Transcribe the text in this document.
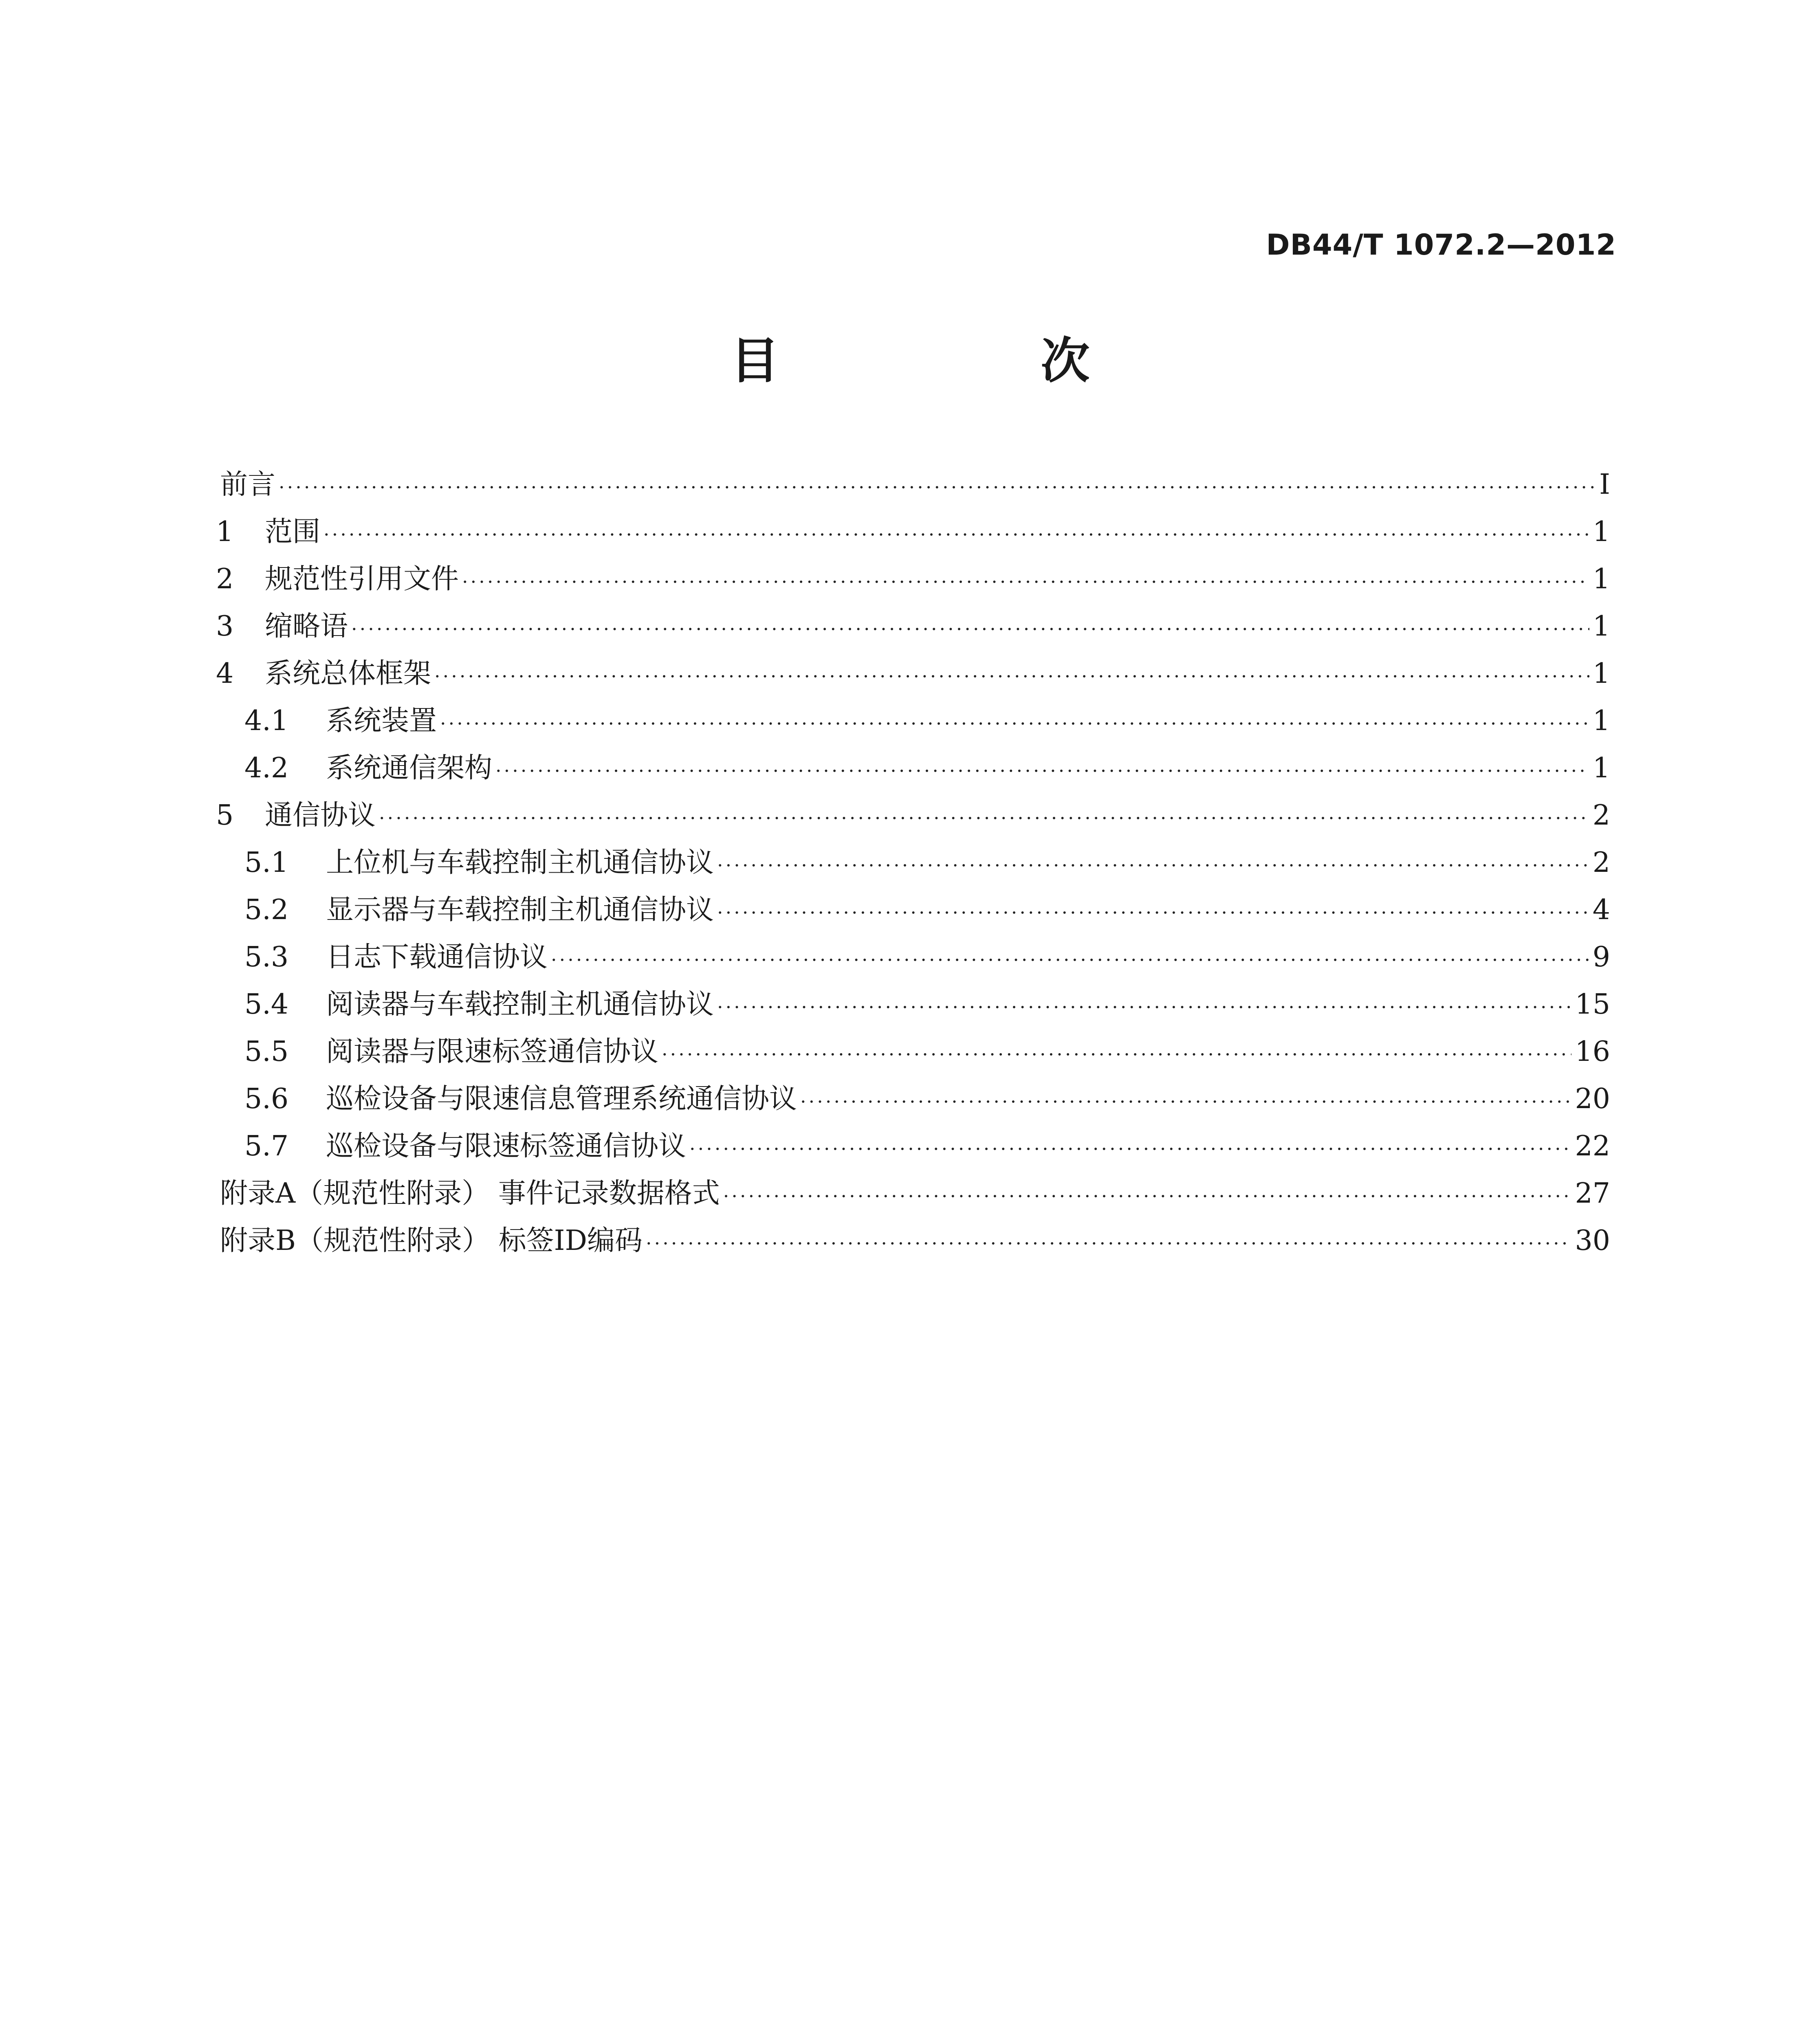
DB44/T 1072.2—2012
目 次
前言 ·····	I
1	范围 ·····	1
2	规范性引用文件 ·····	1
3	缩略语 ·····	1
4	系统总体框架 ·····	1
4.1	系统装置 ·····	1
4.2	系统通信架构 ·····	1
5	通信协议 ·····	2
5.1	上位机与车载控制主机通信协议 ·····	2
5.2	显示器与车载控制主机通信协议 ·····	4
5.3	日志下载通信协议 ·····	9
5.4	阅读器与车载控制主机通信协议 ·····	15
5.5	阅读器与限速标签通信协议 ·····	16
5.6	巡检设备与限速信息管理系统通信协议 ·····	20
5.7	巡检设备与限速标签通信协议 ·····	22
附录A（规范性附录） 事件记录数据格式 ·····	27
附录B（规范性附录） 标签ID编码 ·····	30
